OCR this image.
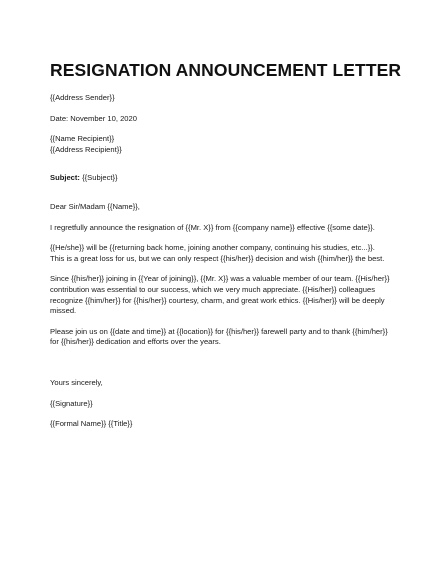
RESIGNATION ANNOUNCEMENT LETTER

{{Address Sender}}

Date: November 10, 2020

{{Name Recipient}}

{{Address Recipient}}

Subject: {{Subject}}

Dear Sir/Madam {{Name}},

I regretfully announce the resignation of {{Mr. X}} from {{company name}} effective {{some date}}.

{{He/she}} will be {{returning back home, joining another company, continuing his studies, etc...}}. This is a great loss for us, but we can only respect {{his/her}} decision and wish {{him/her}} the best.

Since {{his/her}} joining in {{Year of joining}}, {{Mr. X}} was a valuable member of our team. {{His/her}} contribution was essential to our success, which we very much appreciate. {{His/her}} colleagues recognize {{him/her}} for {{his/her}} courtesy, charm, and great work ethics. {{His/her}} will be deeply missed.

Please join us on {{date and time}} at {{location}} for {{his/her}} farewell party and to thank {{him/her}} for {{his/her}} dedication and efforts over the years.

Yours sincerely,

{{Signature}}

{{Formal Name}} {{Title}}
